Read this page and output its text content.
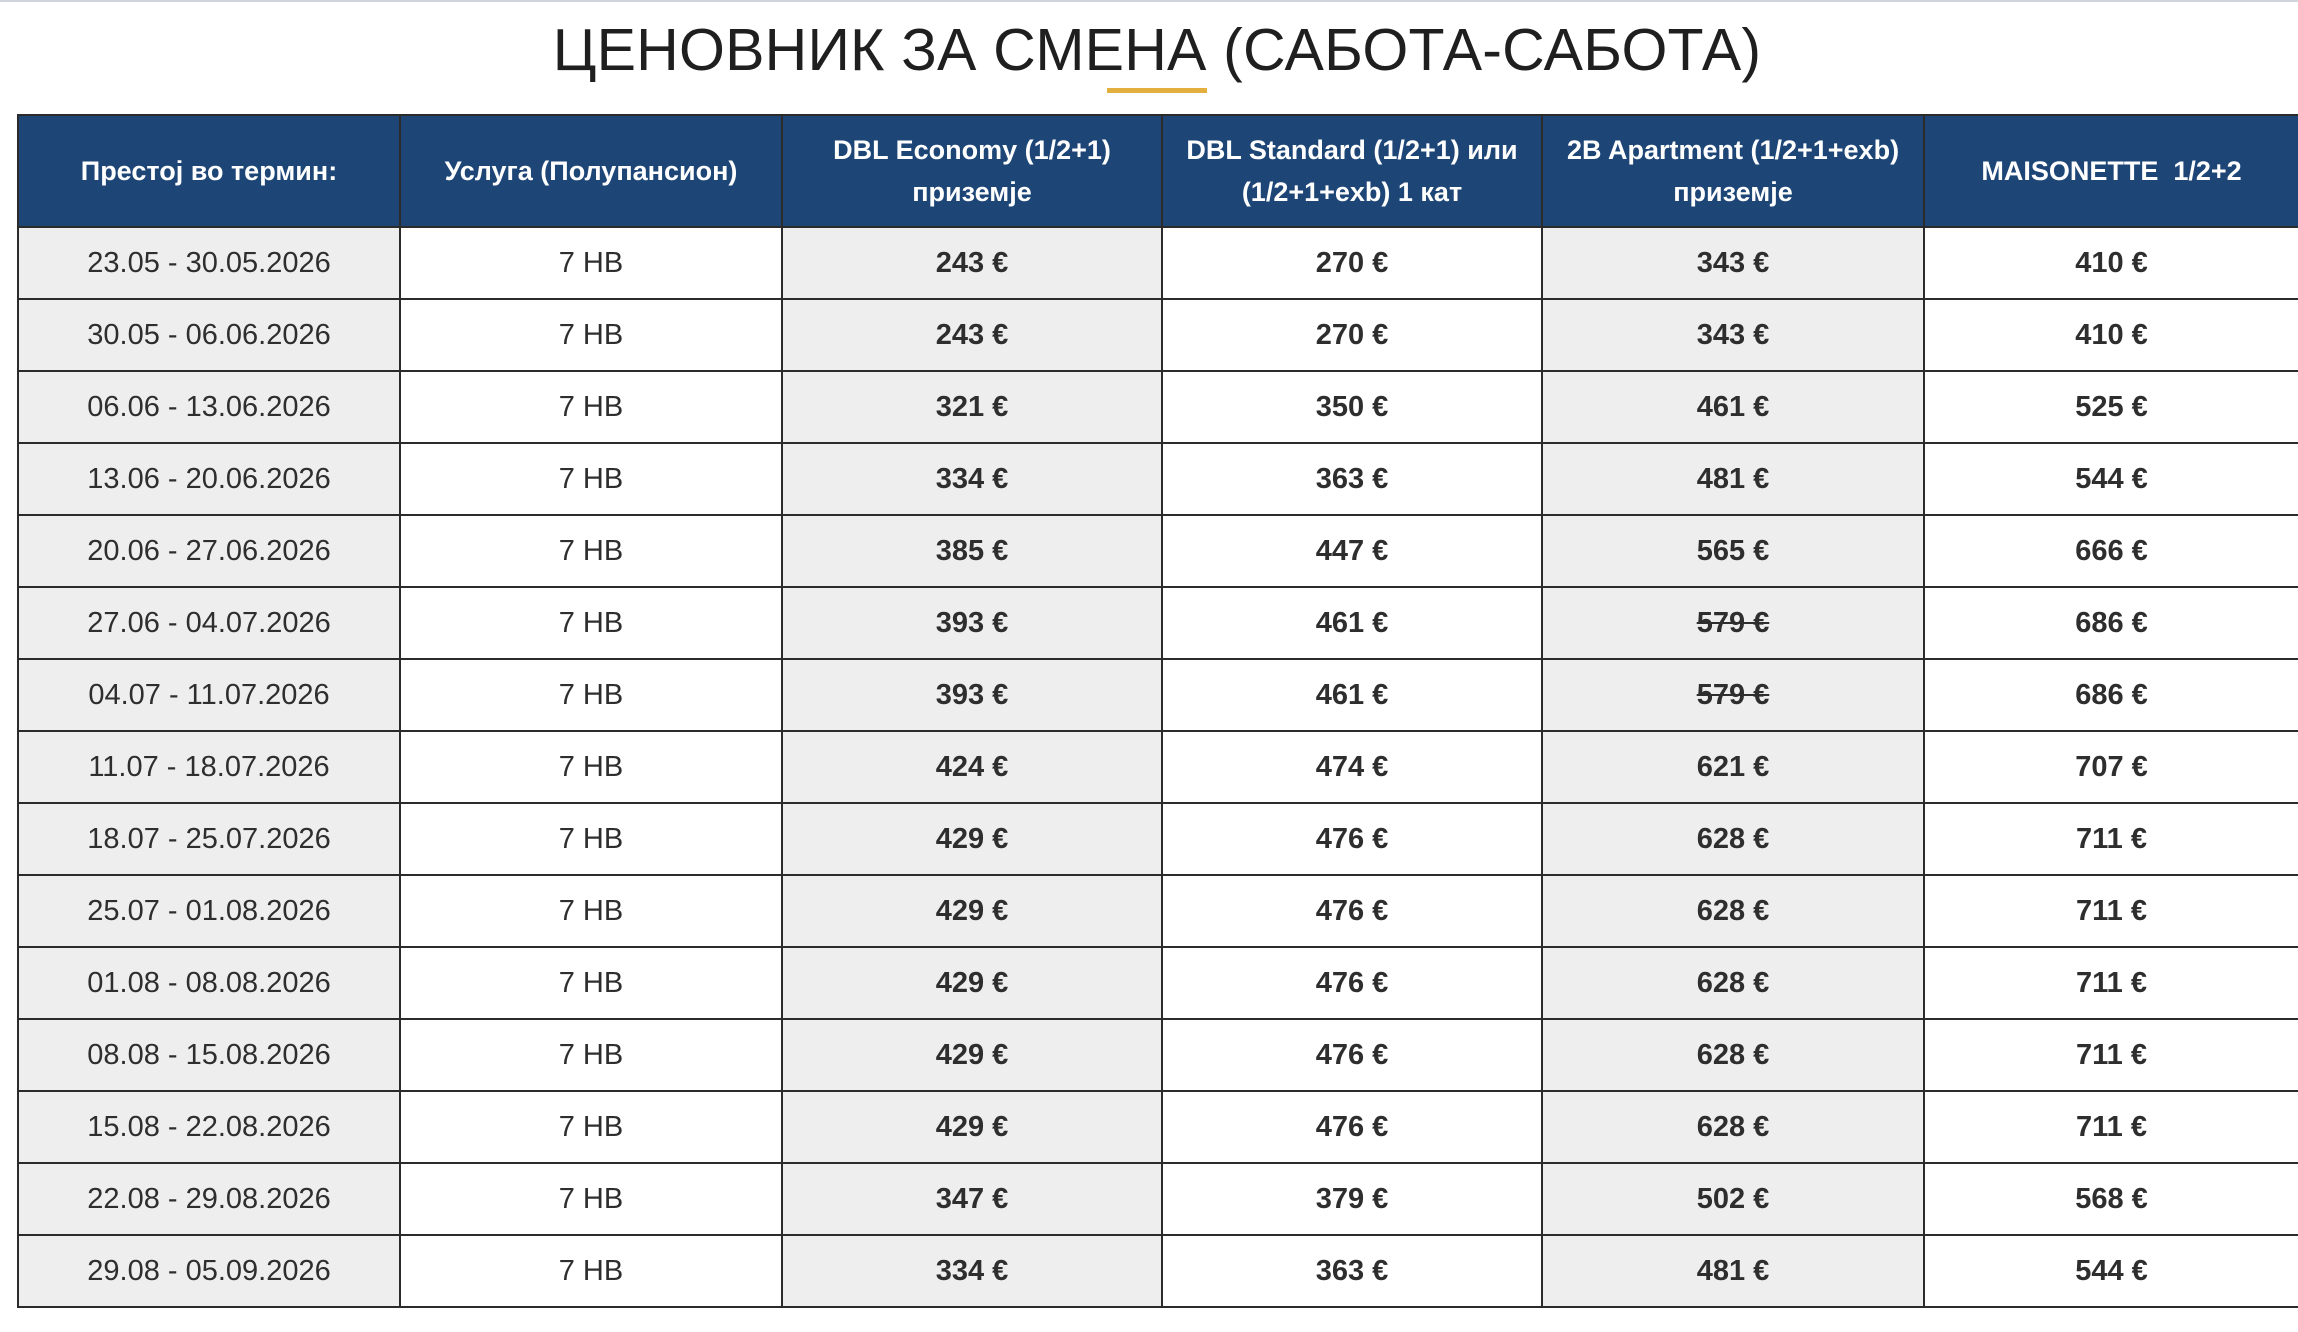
ЦЕНОВНИК ЗА СМЕНА (САБОТА-САБОТА)
Престој во термин:	Услуга (Полупансион)	DBL Economy (1/2+1) приземје	DBL Standard (1/2+1) или (1/2+1+exb) 1 кат	2B Apartment (1/2+1+exb) приземје	MAISONETTE  1/2+2
23.05 - 30.05.2026	7 НВ	243 €	270 €	343 €	410 €
30.05 - 06.06.2026	7 НВ	243 €	270 €	343 €	410 €
06.06 - 13.06.2026	7 НВ	321 €	350 €	461 €	525 €
13.06 - 20.06.2026	7 НВ	334 €	363 €	481 €	544 €
20.06 - 27.06.2026	7 НВ	385 €	447 €	565 €	666 €
27.06 - 04.07.2026	7 НВ	393 €	461 €	579 €	686 €
04.07 - 11.07.2026	7 НВ	393 €	461 €	579 €	686 €
11.07 - 18.07.2026	7 НВ	424 €	474 €	621 €	707 €
18.07 - 25.07.2026	7 НВ	429 €	476 €	628 €	711 €
25.07 - 01.08.2026	7 НВ	429 €	476 €	628 €	711 €
01.08 - 08.08.2026	7 НВ	429 €	476 €	628 €	711 €
08.08 - 15.08.2026	7 НВ	429 €	476 €	628 €	711 €
15.08 - 22.08.2026	7 НВ	429 €	476 €	628 €	711 €
22.08 - 29.08.2026	7 НВ	347 €	379 €	502 €	568 €
29.08 - 05.09.2026	7 НВ	334 €	363 €	481 €	544 €
